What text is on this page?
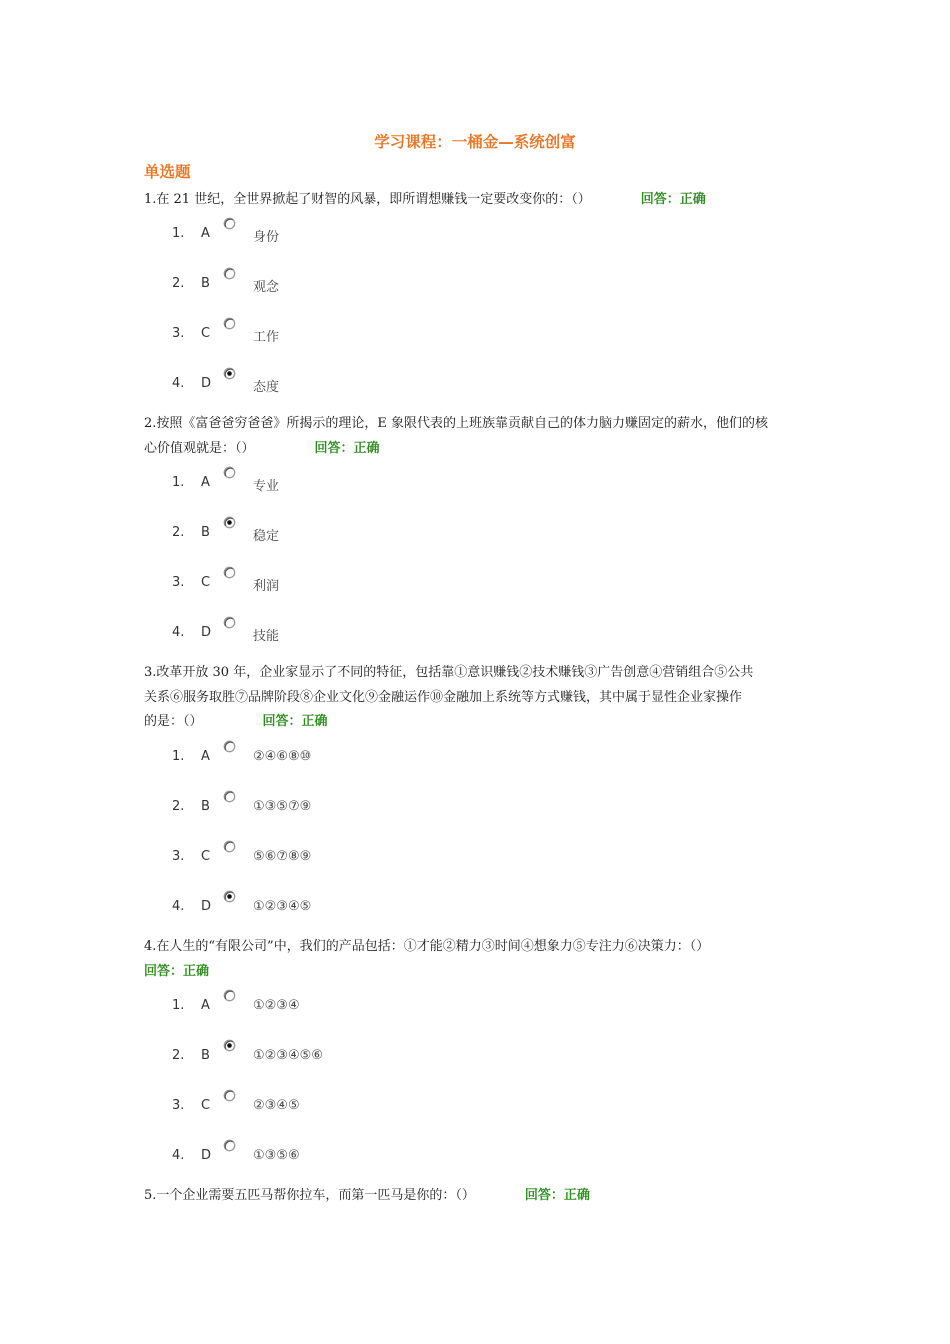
学习课程：一桶金—系统创富
单选题
1.在 21 世纪，全世界掀起了财智的风暴，即所谓想赚钱一定要改变你的：（）	回答：正确
2.按照《富爸爸穷爸爸》所揭示的理论，E 象限代表的上班族靠贡献自己的体力脑力赚固定的薪水，他们的核
心价值观就是：（）	回答：正确
3.改革开放 30 年，企业家显示了不同的特征，包括靠①意识赚钱②技术赚钱③广告创意④营销组合⑤公共
关系⑥服务取胜⑦品牌阶段⑧企业文化⑨金融运作⑩金融加上系统等方式赚钱，其中属于显性企业家操作
的是：（）	回答：正确
4.在人生的“有限公司”中，我们的产品包括：①才能②精力③时间④想象力⑤专注力⑥决策力：（）
回答：正确
5.一个企业需要五匹马帮你拉车，而第一匹马是你的：（）	回答：正确
1.	A	身份
2.	B	观念
3.	C	工作
4.	D	态度
1.	A	专业
2.	B	稳定
3.	C	利润
4.	D	技能
1.	A	②④⑥⑧⑩
2.	B	①③⑤⑦⑨
3.	C	⑤⑥⑦⑧⑨
4.	D	①②③④⑤
1.	A	①②③④
2.	B	①②③④⑤⑥
3.	C	②③④⑤
4.	D	①③⑤⑥
